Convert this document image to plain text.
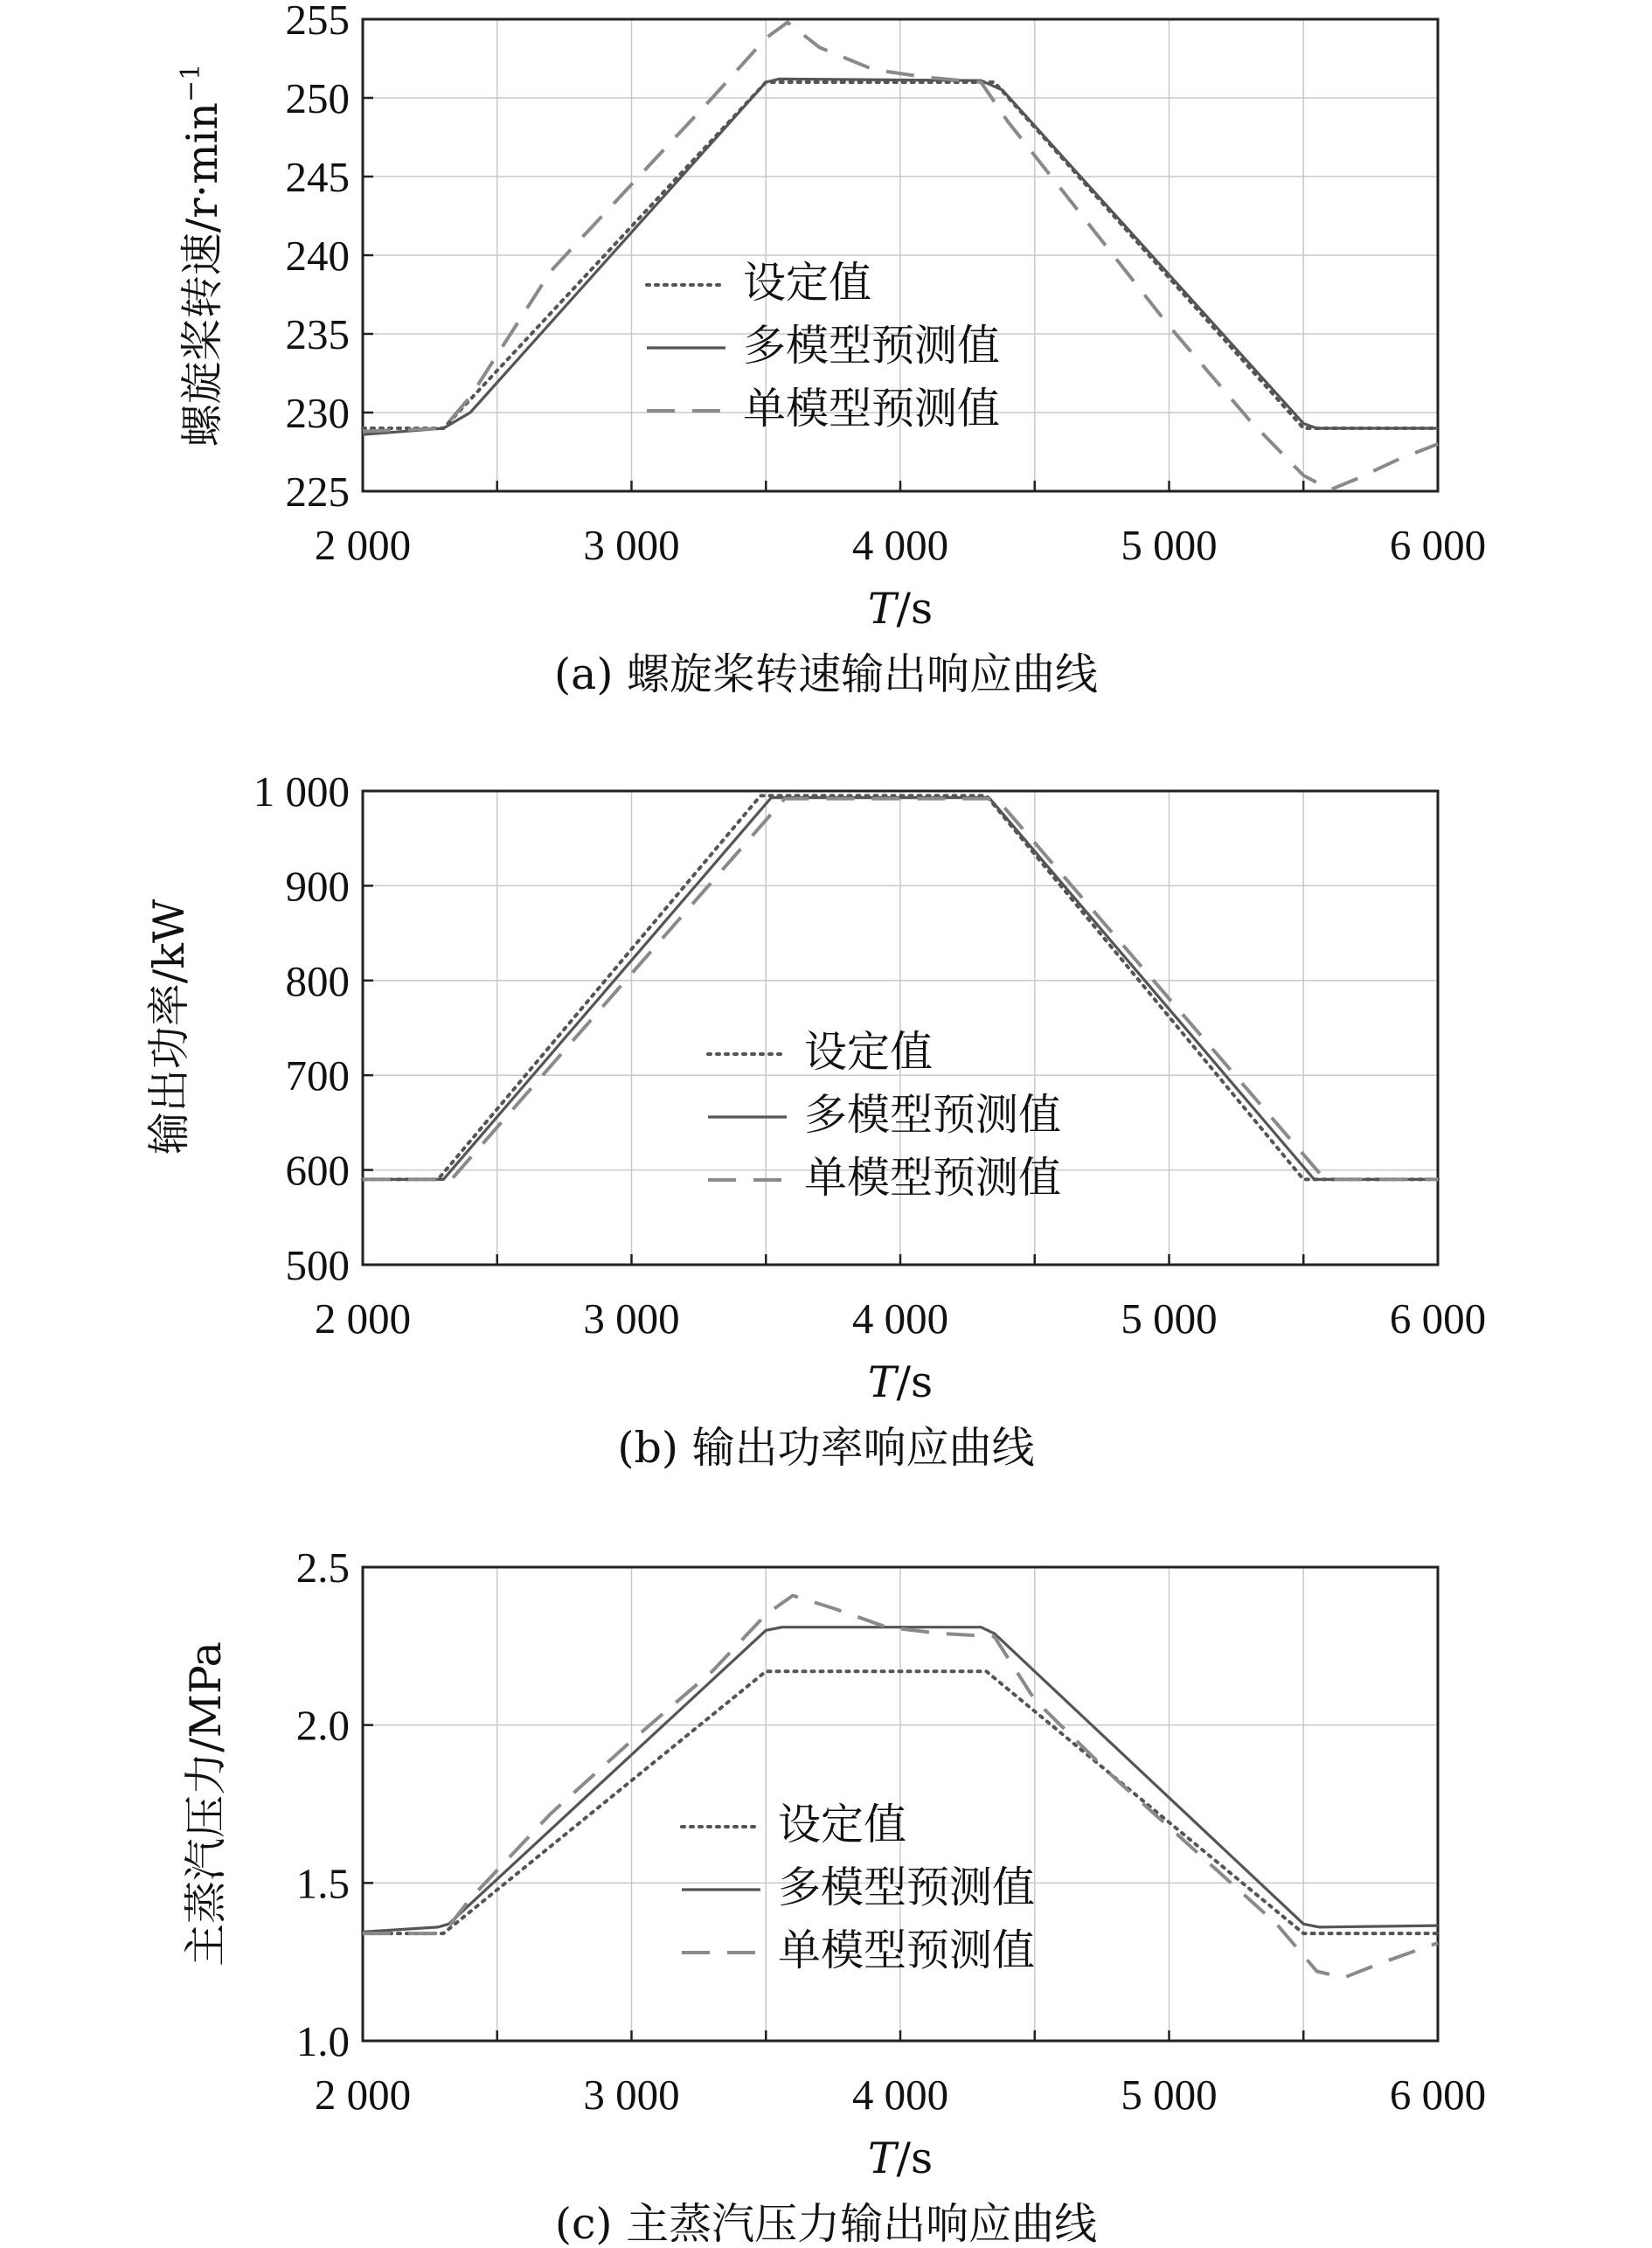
2 000	3 000	4 000	5 000	6 000
225
230
235
240
245
250
255
设定值
多模型预测值
单模型预测值
T/s
螺旋桨转速$/r\cdot\min^{-1}$
(a) 螺旋桨转速输出响应曲线
2 000	3 000	4 000	5 000	6 000
500
600
700
800
900
1 000
设定值
多模型预测值
单模型预测值
T/s
输出功率/kW
(b) 输出功率响应曲线
2 000	3 000	4 000	5 000	6 000
1.0
1.5
2.0
2.5
设定值
多模型预测值
单模型预测值
T/s
主蒸汽压力/MPa
(c) 主蒸汽压力输出响应曲线
